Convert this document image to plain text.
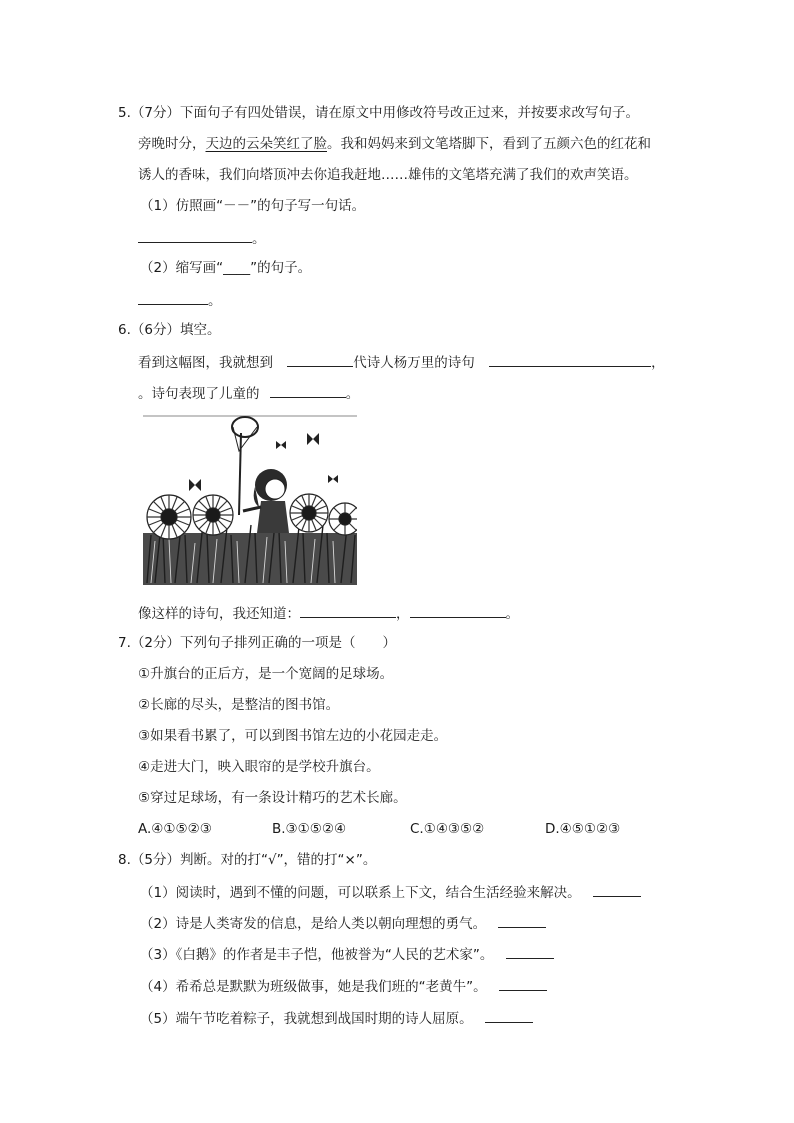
5.（7分）下面句子有四处错误，请在原文中用修改符号改正过来，并按要求改写句子。
旁晚时分，天边的云朵笑红了脸。我和妈妈来到文笔塔脚下，看到了五颜六色的红花和
诱人的香味，我们向塔顶冲去你追我赶地……雄伟的文笔塔充满了我们的欢声笑语。
（1）仿照画“－－”的句子写一句话。
。
（2）缩写画“____”的句子。
。
6.（6分）填空。
看到这幅图，我就想到	代诗人杨万里的诗句	，
。诗句表现了儿童的	。
像这样的诗句，我还知道：	，	。
7.（2分）下列句子排列正确的一项是（　　）
①升旗台的正后方，是一个宽阔的足球场。
②长廊的尽头，是整洁的图书馆。
③如果看书累了，可以到图书馆左边的小花园走走。
④走进大门，映入眼帘的是学校升旗台。
⑤穿过足球场，有一条设计精巧的艺术长廊。
A.④①⑤②③	B.③①⑤②④	C.①④③⑤②	D.④⑤①②③
8.（5分）判断。对的打“√”，错的打“×”。
（1）阅读时，遇到不懂的问题，可以联系上下文，结合生活经验来解决。
（2）诗是人类寄发的信息，是给人类以朝向理想的勇气。
（3）《白鹅》的作者是丰子恺，他被誉为“人民的艺术家”。
（4）希希总是默默为班级做事，她是我们班的“老黄牛”。
（5）端午节吃着粽子，我就想到战国时期的诗人屈原。
